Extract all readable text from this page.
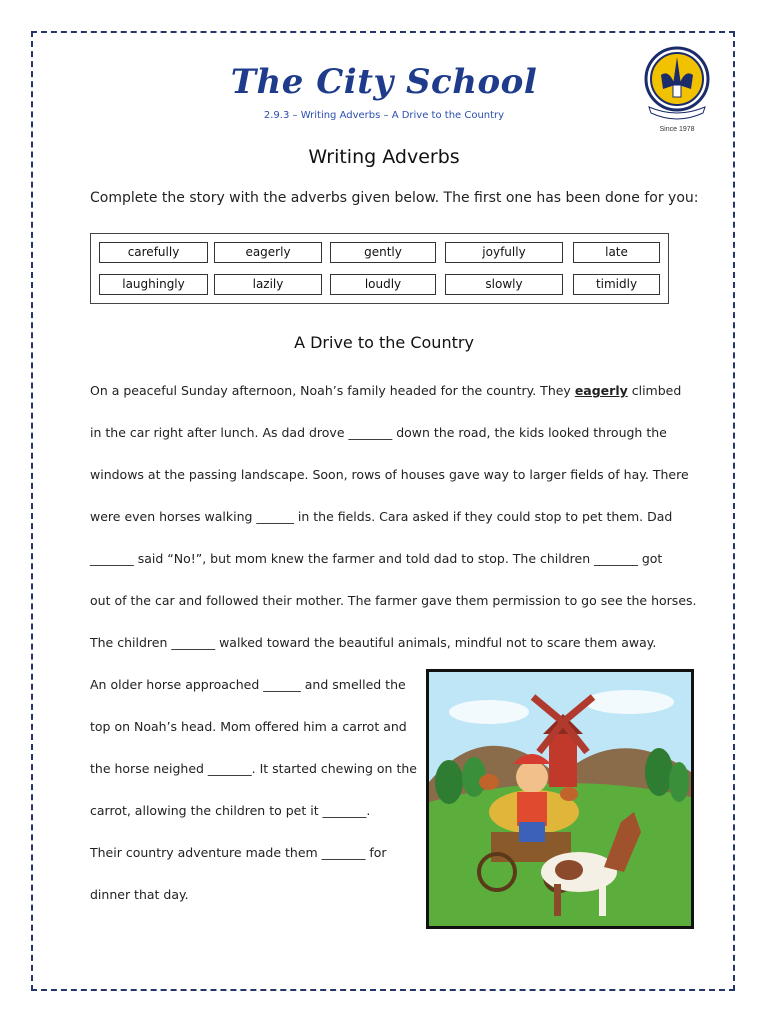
The City School
2.9.3 – Writing Adverbs – A Drive to the Country
Since 1978
Writing Adverbs
Complete the story with the adverbs given below. The first one has been done for you:
carefully	eagerly	gently	joyfully	late
laughingly	lazily	loudly	slowly	timidly
A Drive to the Country
On a peaceful Sunday afternoon, Noah’s family headed for the country. They eagerly climbed
in the car right after lunch. As dad drove _______ down the road, the kids looked through the
windows at the passing landscape. Soon, rows of houses gave way to larger fields of hay. There
were even horses walking ______ in the fields. Cara asked if they could stop to pet them. Dad
_______ said “No!”, but mom knew the farmer and told dad to stop. The children _______ got
out of the car and followed their mother. The farmer gave them permission to go see the horses.
The children _______ walked toward the beautiful animals, mindful not to scare them away.
An older horse approached ______ and smelled the
top on Noah’s head. Mom offered him a carrot and
the horse neighed _______. It started chewing on the
carrot, allowing the children to pet it _______.
Their country adventure made them _______ for
dinner that day.
